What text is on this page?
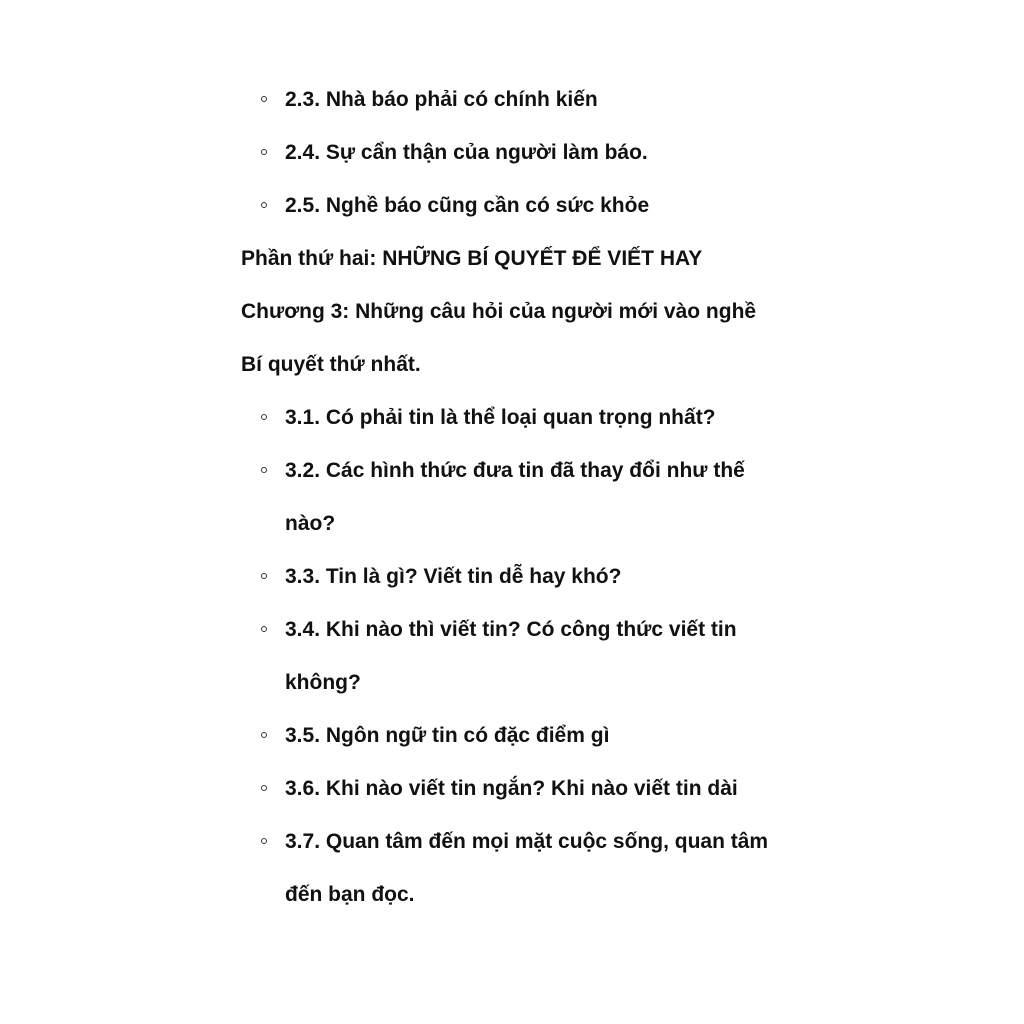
2.3. Nhà báo phải có chính kiến
2.4. Sự cẩn thận của người làm báo.
2.5. Nghề báo cũng cần có sức khỏe

Phần thứ hai: NHỮNG BÍ QUYẾT ĐỂ VIẾT HAY

Chương 3: Những câu hỏi của người mới vào nghề

Bí quyết thứ nhất.

3.1. Có phải tin là thể loại quan trọng nhất?
3.2. Các hình thức đưa tin đã thay đổi như thế nào?
3.3. Tin là gì? Viết tin dễ hay khó?
3.4. Khi nào thì viết tin? Có công thức viết tin không?
3.5. Ngôn ngữ tin có đặc điểm gì
3.6. Khi nào viết tin ngắn? Khi nào viết tin dài
3.7. Quan tâm đến mọi mặt cuộc sống, quan tâm đến bạn đọc.
